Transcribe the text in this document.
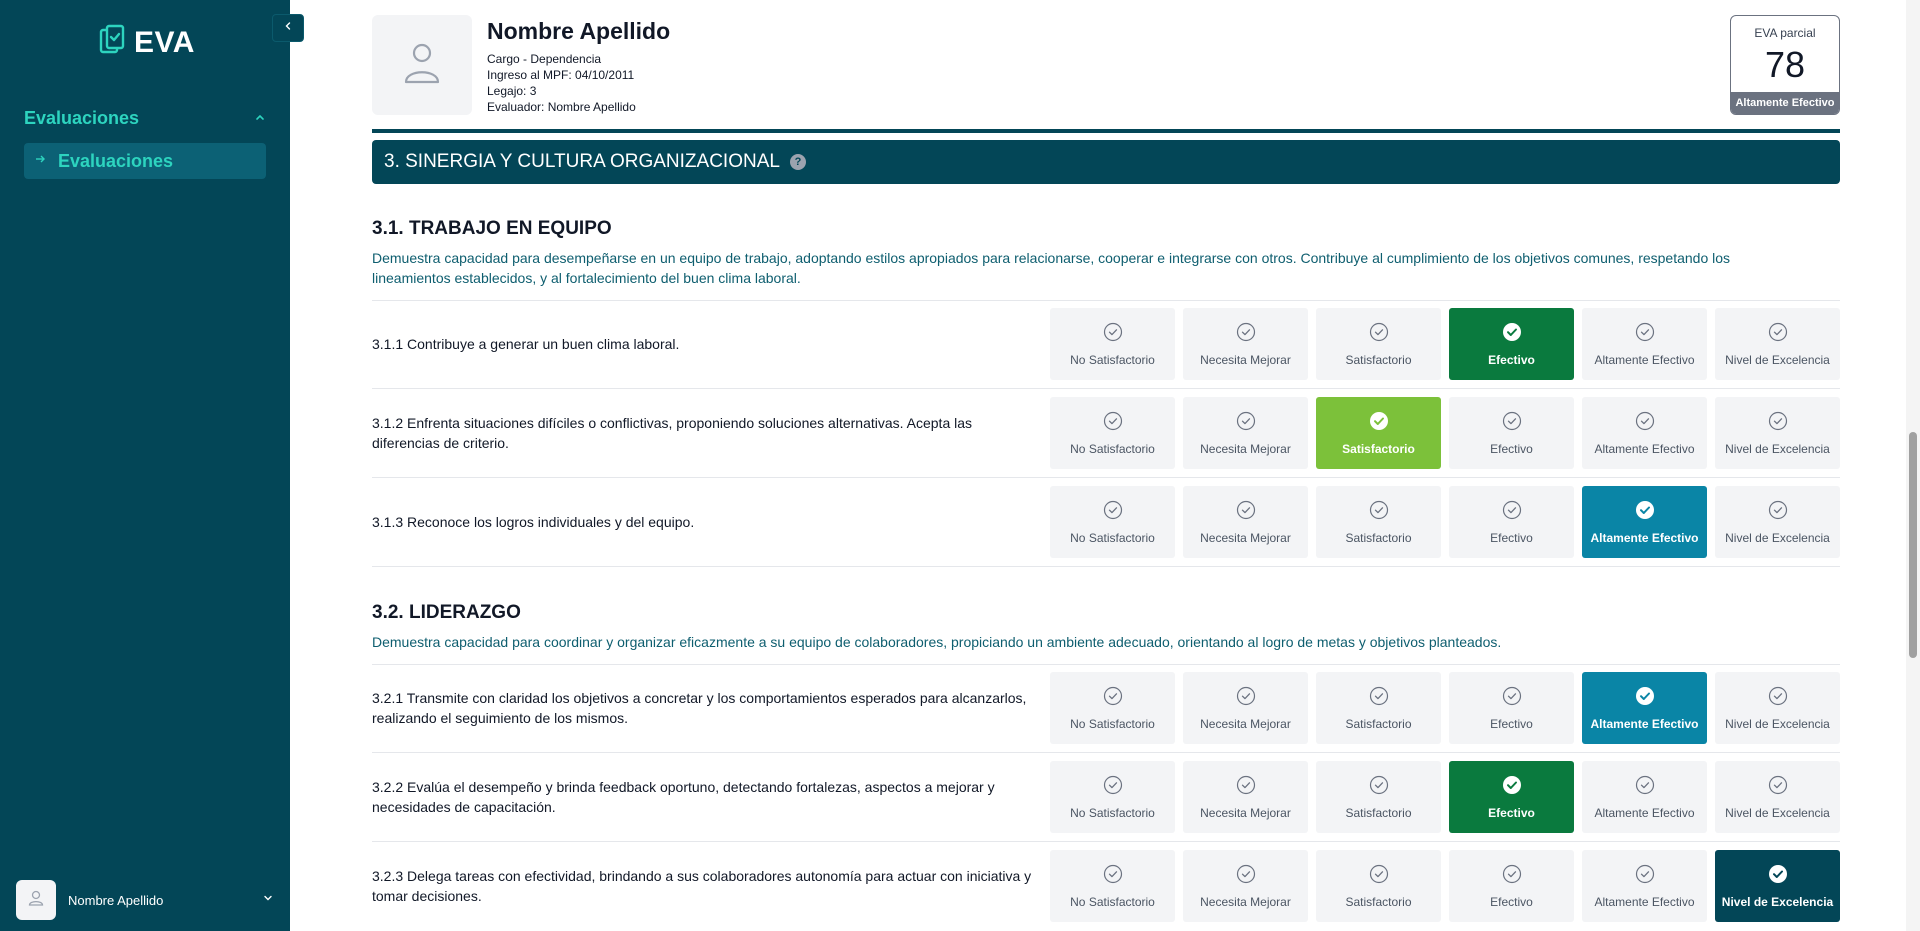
EVA
Evaluaciones
Evaluaciones
Nombre Apellido
Nombre Apellido
Cargo - Dependencia
Ingreso al MPF: 04/10/2011
Legajo: 3
Evaluador: Nombre Apellido
EVA parcial
78
Altamente Efectivo
3. SINERGIA Y CULTURA ORGANIZACIONAL	?
3.1. TRABAJO EN EQUIPO
Demuestra capacidad para desempeñarse en un equipo de trabajo, adoptando estilos apropiados para relacionarse, cooperar e integrarse con otros. Contribuye al cumplimiento de los objetivos comunes, respetando los lineamientos establecidos, y al fortalecimiento del buen clima laboral.
3.1.1 Contribuye a generar un buen clima laboral.
No Satisfactorio	Necesita Mejorar	Satisfactorio	Efectivo	Altamente Efectivo	Nivel de Excelencia
3.1.2 Enfrenta situaciones difíciles o conflictivas, proponiendo soluciones alternativas. Acepta las diferencias de criterio.	No Satisfactorio	Necesita Mejorar	Satisfactorio	Efectivo	Altamente Efectivo	Nivel de Excelencia
3.1.3 Reconoce los logros individuales y del equipo.
No Satisfactorio	Necesita Mejorar	Satisfactorio	Efectivo	Altamente Efectivo Nivel de Excelencia
3.2. LIDERAZGO
Demuestra capacidad para coordinar y organizar eficazmente a su equipo de colaboradores, propiciando un ambiente adecuado, orientando al logro de metas y objetivos planteados.
3.2.1 Transmite con claridad los objetivos a concretar y los comportamientos esperados para alcanzarlos, realizando el seguimiento de los mismos.	No Satisfactorio	Necesita Mejorar	Satisfactorio	Efectivo	Altamente Efectivo Nivel de Excelencia
3.2.2 Evalúa el desempeño y brinda feedback oportuno, detectando fortalezas, aspectos a mejorar y necesidades de capacitación.	No Satisfactorio	Necesita Mejorar	Satisfactorio	Efectivo	Altamente Efectivo	Nivel de Excelencia
3.2.3 Delega tareas con efectividad, brindando a sus colaboradores autonomía para actuar con iniciativa y tomar decisiones.	No Satisfactorio	Necesita Mejorar	Satisfactorio	Efectivo	Altamente Efectivo Nivel de Excelencia
